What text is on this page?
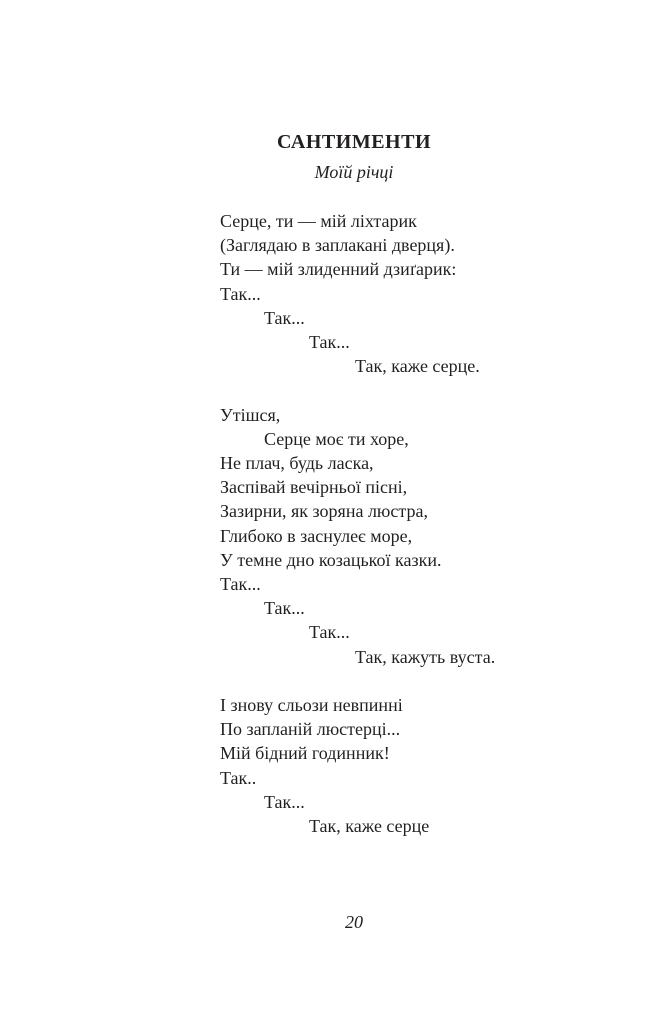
САНТИМЕНТИ
Моїй річці
Серце, ти — мій ліхтарик
(Заглядаю в заплакані дверця).
Ти — мій злиденний дзиґарик:
Так...
Так...
Так...
Так, каже серце.
Утішся,
Серце моє ти хоре,
Не плач, будь ласка,
Заспівай вечірньої пісні,
Зазирни, як зоряна люстра,
Глибоко в заснулеє море,
У темне дно козацької казки.
Так...
Так...
Так...
Так, кажуть вуста.
І знову сльози невпинні
По запланій люстерці...
Мій бідний годинник!
Так..
Так...
Так, каже серце
20
